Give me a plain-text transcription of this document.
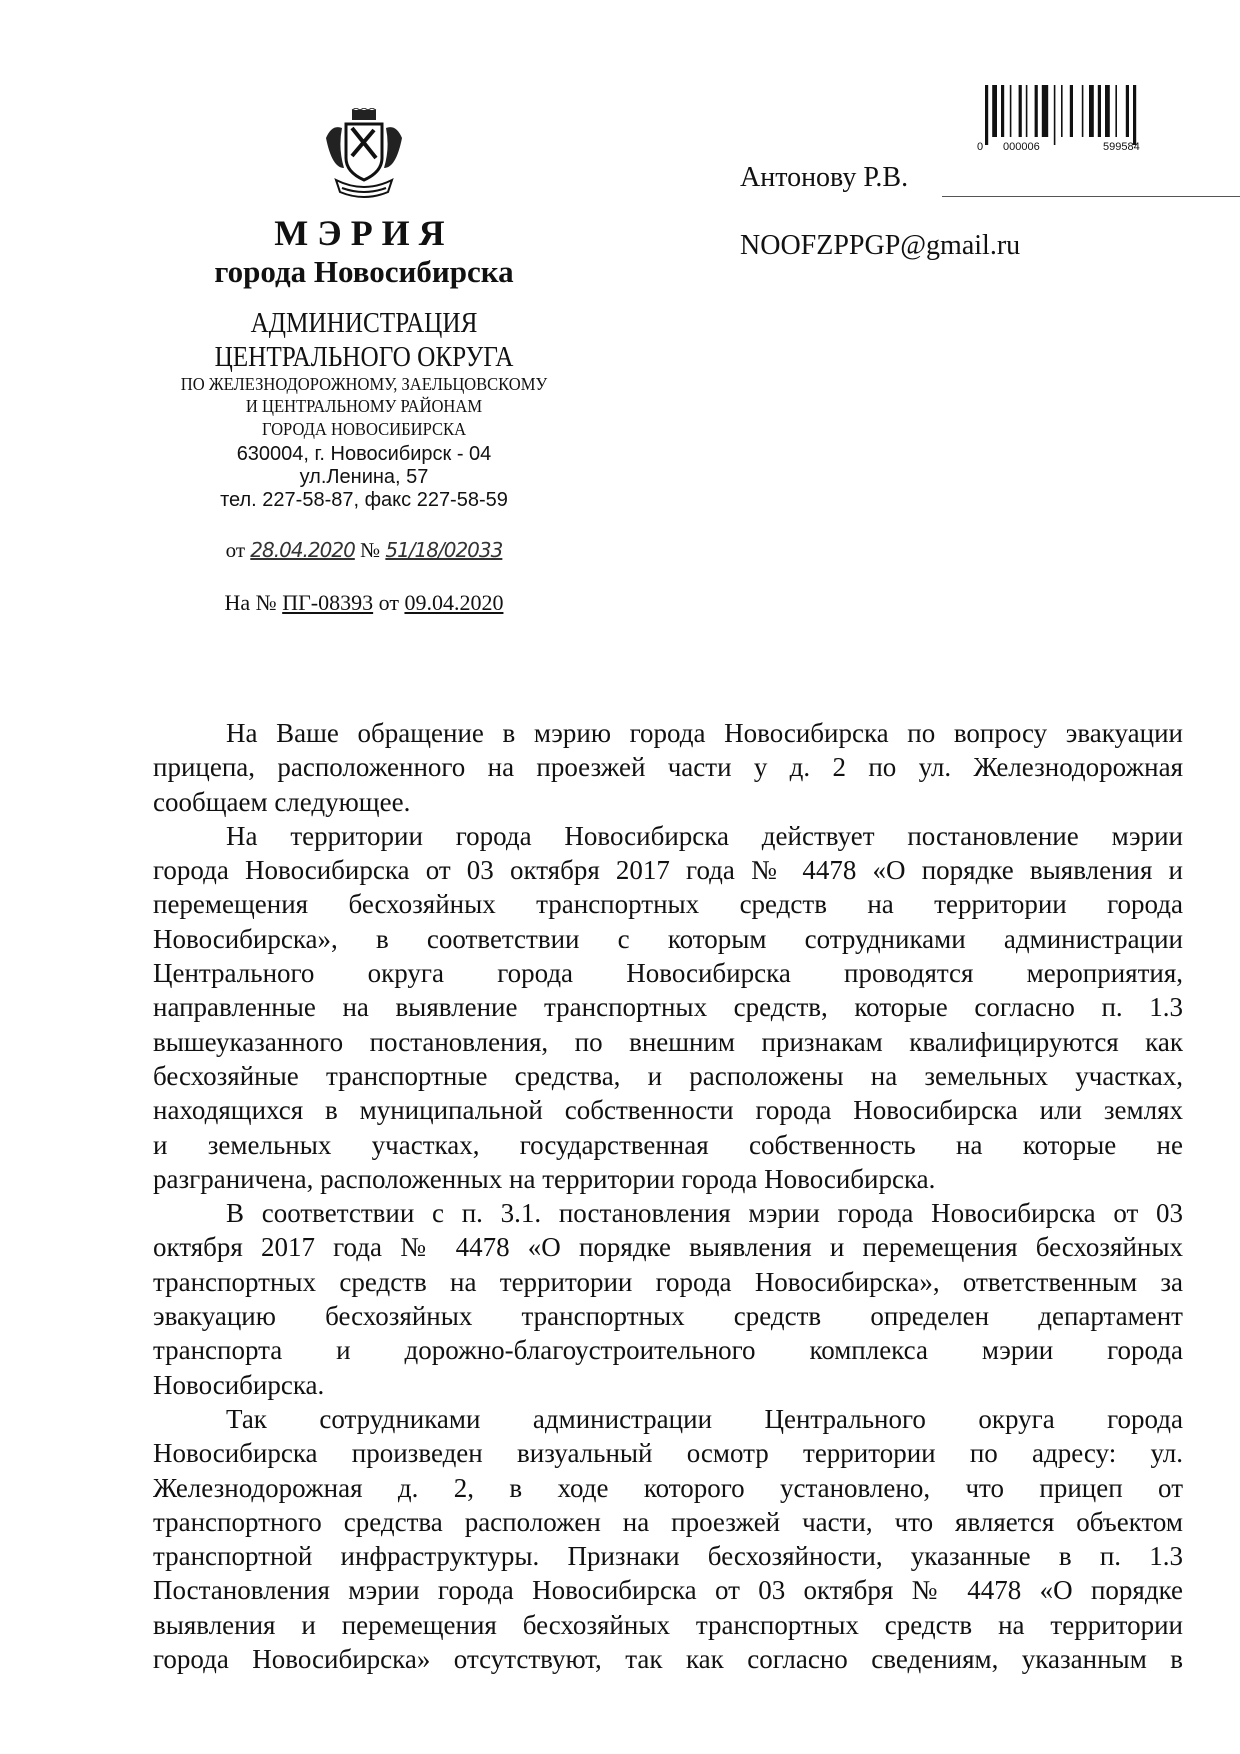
МЭРИЯ
города Новосибирска
АДМИНИСТРАЦИЯ
ЦЕНТРАЛЬНОГО ОКРУГА
ПО ЖЕЛЕЗНОДОРОЖНОМУ, ЗАЕЛЬЦОВСКОМУ
И ЦЕНТРАЛЬНОМУ РАЙОНАМ
ГОРОДА НОВОСИБИРСКА
630004, г. Новосибирск - 04
ул.Ленина, 57
тел. 227-58-87, факс 227-58-59
от 28.04.2020 № 51/18/02033
На № ПГ-08393 от 09.04.2020
0 000006	599584
Антонову Р.В.
NOOFZPPGP@gmail.ru
На Ваше обращение в мэрию города Новосибирска по вопросу эвакуации
прицепа, расположенного на проезжей части у д. 2 по ул. Железнодорожная
сообщаем следующее.
На территории города Новосибирска действует постановление мэрии
города Новосибирска от 03 октября 2017 года № 4478 «О порядке выявления и
перемещения бесхозяйных транспортных средств на территории города
Новосибирска», в соответствии с которым сотрудниками администрации
Центрального округа города Новосибирска проводятся мероприятия,
направленные на выявление транспортных средств, которые согласно п. 1.3
вышеуказанного постановления, по внешним признакам квалифицируются как
бесхозяйные транспортные средства, и расположены на земельных участках,
находящихся в муниципальной собственности города Новосибирска или землях
и земельных участках, государственная собственность на которые не
разграничена, расположенных на территории города Новосибирска.
В соответствии с п. 3.1. постановления мэрии города Новосибирска от 03
октября 2017 года № 4478 «О порядке выявления и перемещения бесхозяйных
транспортных средств на территории города Новосибирска», ответственным за
эвакуацию бесхозяйных транспортных средств определен департамент
транспорта и дорожно-благоустроительного комплекса мэрии города
Новосибирска.
Так сотрудниками администрации Центрального округа города
Новосибирска произведен визуальный осмотр территории по адресу: ул.
Железнодорожная д. 2, в ходе которого установлено, что прицеп от
транспортного средства расположен на проезжей части, что является объектом
транспортной инфраструктуры. Признаки бесхозяйности, указанные в п. 1.3
Постановления мэрии города Новосибирска от 03 октября № 4478 «О порядке
выявления и перемещения бесхозяйных транспортных средств на территории
города Новосибирска» отсутствуют, так как согласно сведениям, указанным в
